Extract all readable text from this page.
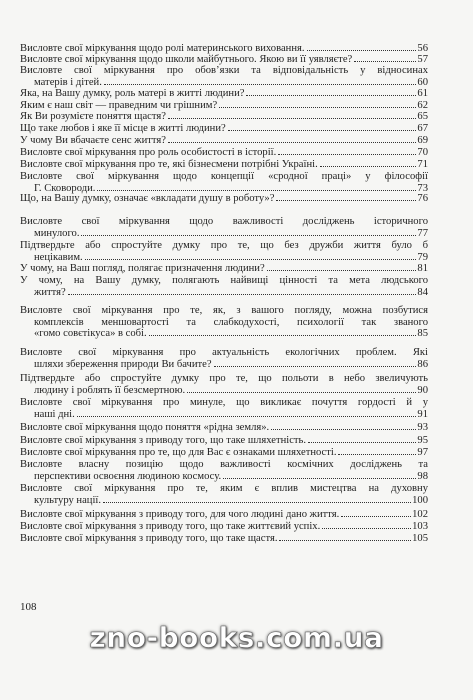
Висловте свої міркування щодо ролі материнського виховання.	56
Висловте свої міркування щодо школи майбутнього. Якою ви її уявляєте?	57
Висловте свої міркування про обов’язки та відповідальність у відносинах
матерів і дітей.	60
Яка, на Вашу думку, роль матері в житті людини?	61
Яким є наш світ — праведним чи грішним?	62
Як Ви розумієте поняття щастя?	65
Що таке любов і яке її місце в житті людини?	67
У чому Ви вбачаєте сенс життя?	69
Висловте свої міркування про роль особистості в історії.	70
Висловте свої міркування про те, які бізнесмени потрібні Україні.	71
Висловте свої міркування щодо концепції «сродної праці» у філософії
Г. Сковороди.	73
Що, на Вашу думку, означає «вкладати душу в роботу»?	76
Висловте свої міркування щодо важливості досліджень історичного
минулого.	77
Підтвердьте або спростуйте думку про те, що без дружби життя було б
нецікавим.	79
У чому, на Ваш погляд, полягає призначення людини?	81
У чому, на Вашу думку, полягають найвищі цінності та мета людського
життя?	84
Висловте свої міркування про те, як, з вашого погляду, можна позбутися
комплексів меншовартості та слабкодухості, психології так званого
«гомо совєтікуса» в собі.	85
Висловте свої міркування про актуальність екологічних проблем. Які
шляхи збереження природи Ви бачите?	86
Підтвердьте або спростуйте думку про те, що польоти в небо звеличують
людину і роблять її безсмертною.	90
Висловте свої міркування про минуле, що викликає почуття гордості й у
наші дні.	91
Висловте свої міркування щодо поняття «рідна земля».	93
Висловте свої міркування з приводу того, що таке шляхетність.	95
Висловте свої міркування про те, що для Вас є ознаками шляхетності.	97
Висловте власну позицію щодо важливості космічних досліджень та
перспективи освоєння людиною космосу.	98
Висловте свої міркування про те, яким є вплив мистецтва на духовну
культуру нації.	100
Висловте свої міркування з приводу того, для чого людині дано життя.	102
Висловте свої міркування з приводу того, що таке життєвий успіх.	103
Висловте свої міркування з приводу того, що таке щастя.	105
108
zno-books.com.ua
